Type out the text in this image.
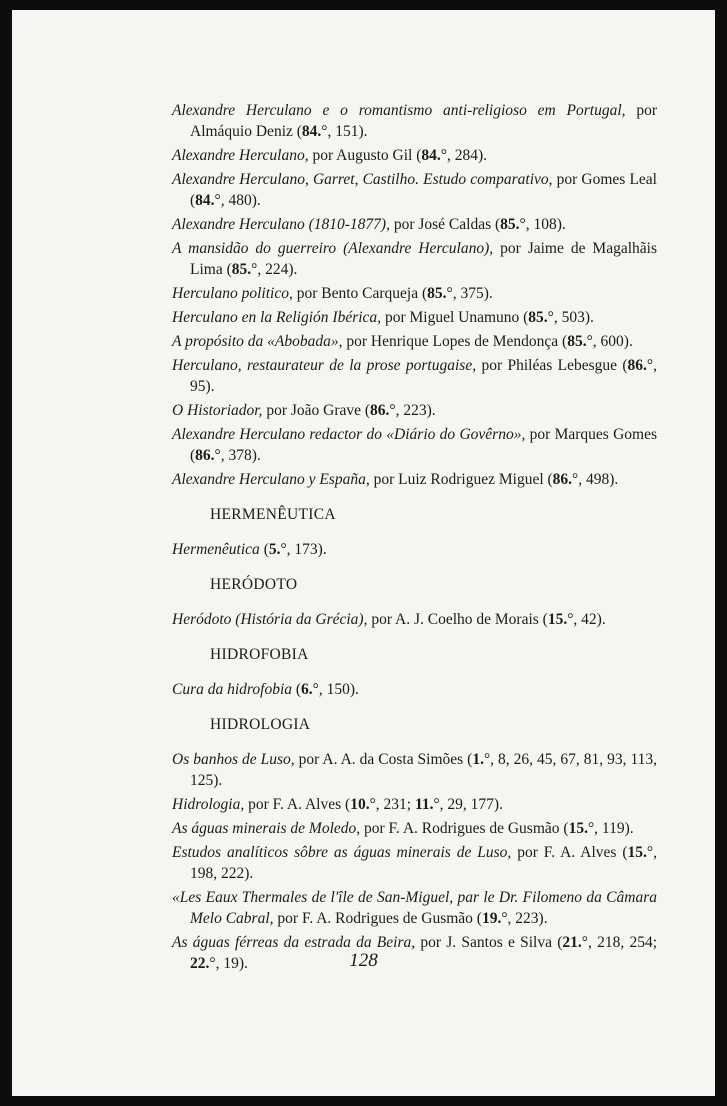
Alexandre Herculano e o romantismo anti-religioso em Portugal, por Almáquio Deniz (84.°, 151).
Alexandre Herculano, por Augusto Gil (84.°, 284).
Alexandre Herculano, Garret, Castilho. Estudo comparativo, por Gomes Leal (84.°, 480).
Alexandre Herculano (1810-1877), por José Caldas (85.°, 108).
A mansidão do guerreiro (Alexandre Herculano), por Jaime de Magalhãis Lima (85.°, 224).
Herculano politico, por Bento Carqueja (85.°, 375).
Herculano en la Religión Ibérica, por Miguel Unamuno (85.°, 503).
A propósito da «Abobada», por Henrique Lopes de Mendonça (85.°, 600).
Herculano, restaurateur de la prose portugaise, por Philéas Lebesgue (86.°, 95).
O Historiador, por João Grave (86.°, 223).
Alexandre Herculano redactor do «Diário do Govêrno», por Marques Gomes (86.°, 378).
Alexandre Herculano y España, por Luiz Rodriguez Miguel (86.°, 498).
HERMENÊUTICA
Hermenêutica (5.°, 173).
HERÓDOTO
Heródoto (História da Grécia), por A. J. Coelho de Morais (15.°, 42).
HIDROFOBIA
Cura da hidrofobia (6.°, 150).
HIDROLOGIA
Os banhos de Luso, por A. A. da Costa Simões (1.°, 8, 26, 45, 67, 81, 93, 113, 125).
Hidrologia, por F. A. Alves (10.°, 231; 11.°, 29, 177).
As águas minerais de Moledo, por F. A. Rodrigues de Gusmão (15.°, 119).
Estudos analíticos sôbre as águas minerais de Luso, por F. A. Alves (15.°, 198, 222).
«Les Eaux Thermales de l'île de San-Miguel, par le Dr. Filomeno da Câmara Melo Cabral, por F. A. Rodrigues de Gusmão (19.°, 223).
As águas férreas da estrada da Beira, por J. Santos e Silva (21.°, 218, 254; 22.°, 19).	128
